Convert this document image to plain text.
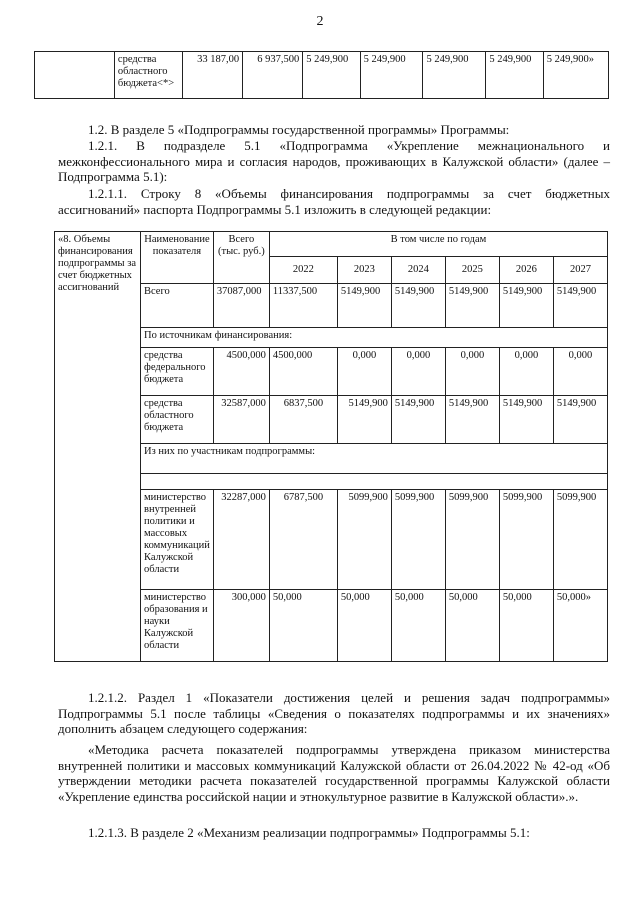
2
	средства областного бюджета<*>	33 187,00	6 937,500	5 249,900	5 249,900	5 249,900	5 249,900	5 249,900»

1.2. В разделе 5 «Подпрограммы государственной программы» Программы:

1.2.1. В подразделе 5.1 «Подпрограмма «Укрепление межнационального и межконфессионального мира и согласия народов, проживающих в Калужской области» (далее – Подпрограмма 5.1):

1.2.1.1. Строку 8 «Объемы финансирования подпрограммы за счет бюджетных ассигнований» паспорта Подпрограммы 5.1 изложить в следующей редакции:

«8. Объемы финансирования подпрограммы за счет бюджетных ассигнований	Наименование показателя	Всего (тыс. руб.)	В том числе по годам					
			2022	2023	2024	2025	2026	2027
	Всего	37087,000	11337,500	5149,900	5149,900	5149,900	5149,900	5149,900
	По источникам финансирования:							
	средства федерального бюджета	4500,000	4500,000	0,000	0,000	0,000	0,000	0,000
	средства областного бюджета	32587,000	6837,500	5149,900	5149,900	5149,900	5149,900	5149,900
	Из них по участникам подпрограммы:							

	министерство внутренней политики и массовых коммуникаций Калужской области	32287,000	6787,500	5099,900	5099,900	5099,900	5099,900	5099,900
	министерство образования и науки Калужской области	300,000	50,000	50,000	50,000	50,000	50,000	50,000»

1.2.1.2. Раздел 1 «Показатели достижения целей и решения задач подпрограммы» Подпрограммы 5.1 после таблицы «Сведения о показателях подпрограммы и их значениях» дополнить абзацем следующего содержания:

«Методика расчета показателей подпрограммы утверждена приказом министерства внутренней политики и массовых коммуникаций Калужской области от 26.04.2022 № 42-од «Об утверждении методики расчета показателей государственной программы Калужской области «Укрепление единства российской нации и этнокультурное развитие в Калужской области».».

1.2.1.3. В разделе 2 «Механизм реализации подпрограммы» Подпрограммы 5.1:
